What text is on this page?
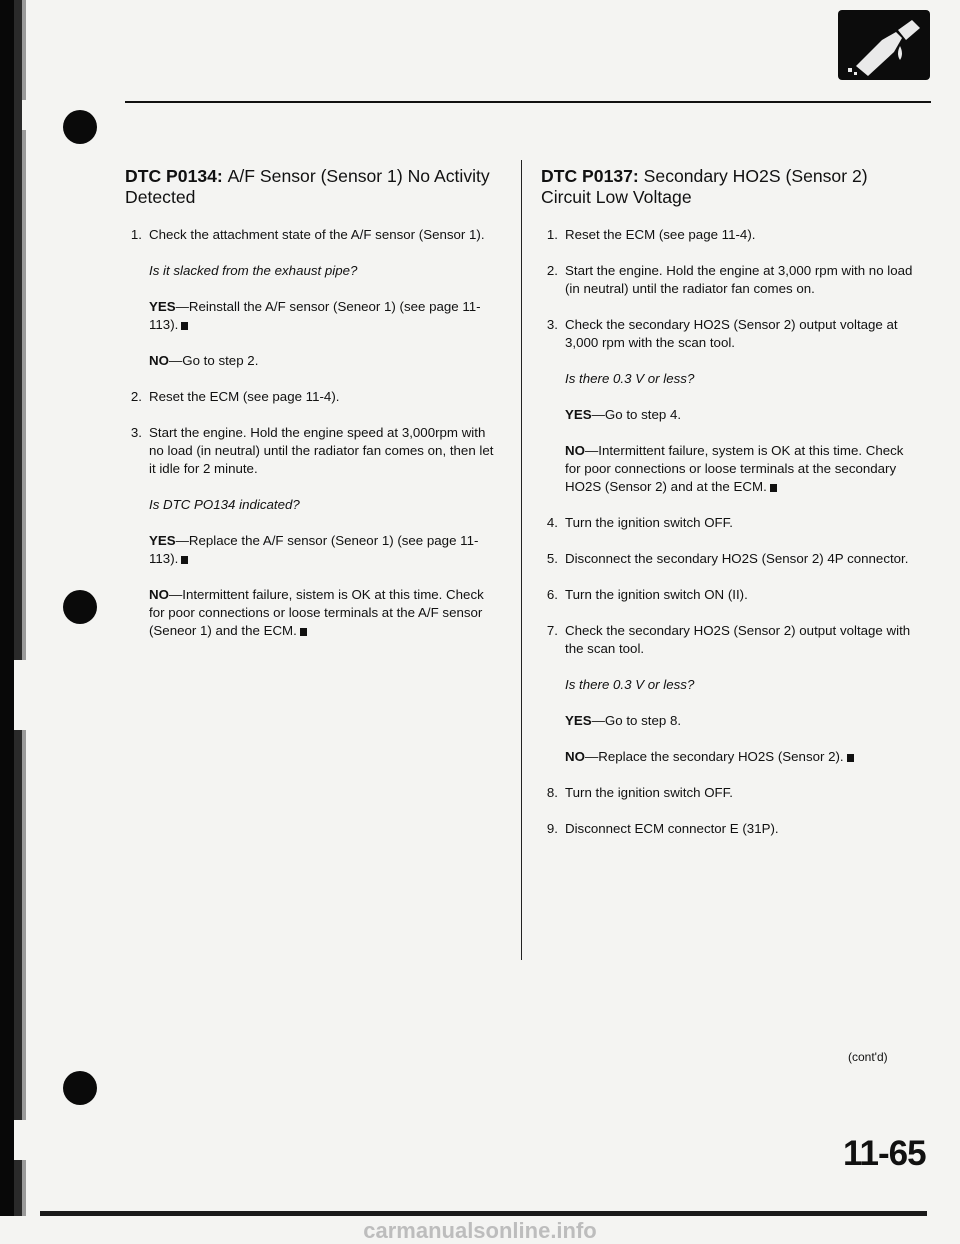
DTC P0134: A/F Sensor (Sensor 1) No Activity Detected
1. Check the attachment state of the A/F sensor (Sensor 1).
Is it slacked from the exhaust pipe?
YES—Reinstall the A/F sensor (Seneor 1) (see page 11-113).
NO—Go to step 2.
2. Reset the ECM (see page 11-4).
3. Start the engine. Hold the engine speed at 3,000rpm with no load (in neutral) until the radiator fan comes on, then let it idle for 2 minute.
Is DTC PO134 indicated?
YES—Replace the A/F sensor (Seneor 1) (see page 11-113).
NO—Intermittent failure, sistem is OK at this time. Check for poor connections or loose terminals at the A/F sensor (Seneor 1) and the ECM.
DTC P0137: Secondary HO2S (Sensor 2) Circuit Low Voltage
1. Reset the ECM (see page 11-4).
2. Start the engine. Hold the engine at 3,000 rpm with no load (in neutral) until the radiator fan comes on.
3. Check the secondary HO2S (Sensor 2) output voltage at 3,000 rpm with the scan tool.
Is there 0.3 V or less?
YES—Go to step 4.
NO—Intermittent failure, system is OK at this time. Check for poor connections or loose terminals at the secondary HO2S (Sensor 2) and at the ECM.
4. Turn the ignition switch OFF.
5. Disconnect the secondary HO2S (Sensor 2) 4P connector.
6. Turn the ignition switch ON (II).
7. Check the secondary HO2S (Sensor 2) output voltage with the scan tool.
Is there 0.3 V or less?
YES—Go to step 8.
NO—Replace the secondary HO2S (Sensor 2).
8. Turn the ignition switch OFF.
9. Disconnect ECM connector E (31P).
(cont'd)
11-65
carmanualsonline.info
